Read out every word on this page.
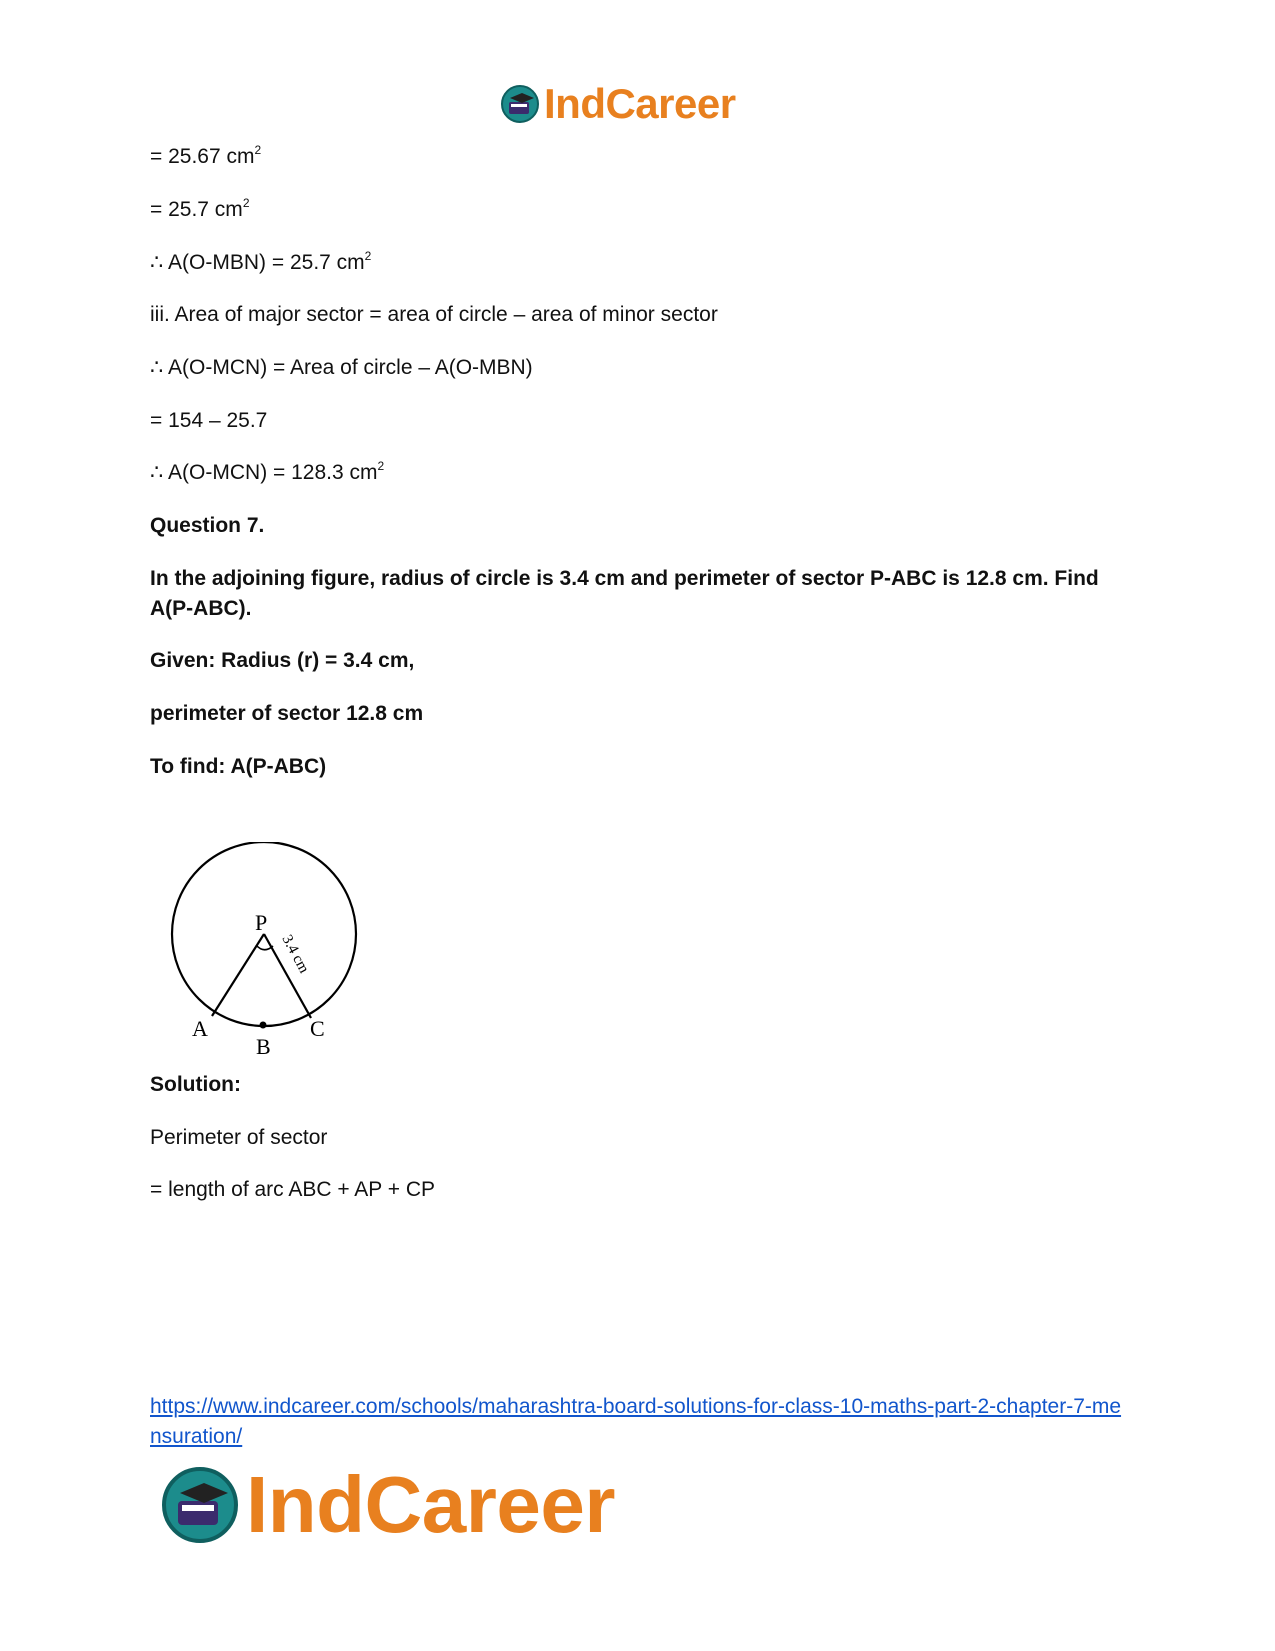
IndCareer
= 25.67 $cm^2$
= 25.7 $cm^2$
∴ A(O-MBN) = 25.7 $cm^2$
iii. Area of major sector = area of circle – area of minor sector
∴ A(O-MCN) = Area of circle – A(O-MBN)
= 154 – 25.7
∴ A(O-MCN) = 128.3 $cm^2$
Question 7.
In the adjoining figure, radius of circle is 3.4 cm and perimeter of sector P-ABC is 12.8 cm. Find A(P-ABC).
Given: Radius (r) = 3.4 cm,
perimeter of sector 12.8 cm
To find: A(P-ABC)
Solution:
Perimeter of sector
= length of arc ABC + AP + CP
P
A
B
C
3.4 cm
https://www.indcareer.com/schools/maharashtra-board-solutions-for-class-10-maths-part-2-chapter-7-mensuration/
IndCareer
